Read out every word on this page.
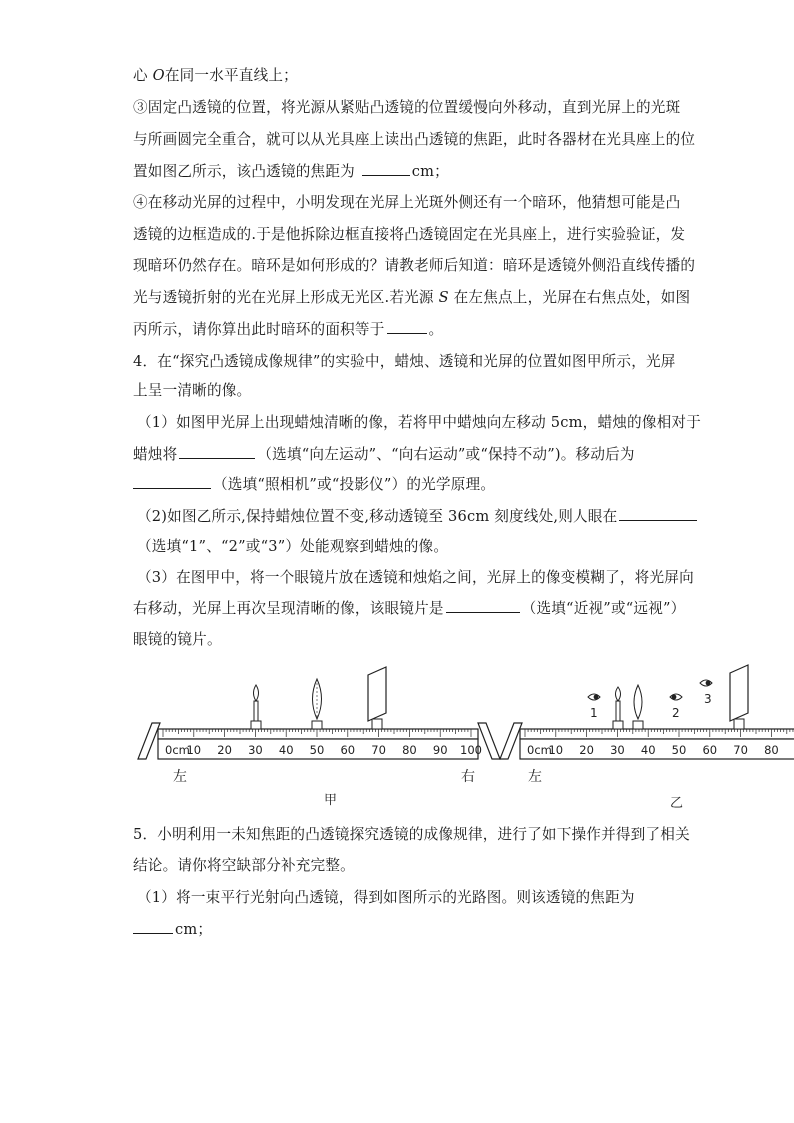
心 O在同一水平直线上；
③固定凸透镜的位置，将光源从紧贴凸透镜的位置缓慢向外移动，直到光屏上的光斑
与所画圆完全重合，就可以从光具座上读出凸透镜的焦距，此时各器材在光具座上的位
置如图乙所示，该凸透镜的焦距为	cm；
④在移动光屏的过程中，小明发现在光屏上光斑外侧还有一个暗环，他猜想可能是凸
透镜的边框造成的.于是他拆除边框直接将凸透镜固定在光具座上，进行实验验证，发
现暗环仍然存在。暗环是如何形成的？请教老师后知道：暗环是透镜外侧沿直线传播的
光与透镜折射的光在光屏上形成无光区.若光源 S 在左焦点上，光屏在右焦点处，如图
丙所示，请你算出此时暗环的面积等于	。
4．在“探究凸透镜成像规律”的实验中，蜡烛、透镜和光屏的位置如图甲所示，光屏
上呈一清晰的像。
（1）如图甲光屏上出现蜡烛清晰的像，若将甲中蜡烛向左移动 5cm，蜡烛的像相对于
蜡烛将	（选填“向左运动”、“向右运动”或“保持不动”)。移动后为
（选填“照相机”或“投影仪”）的光学原理。
（2)如图乙所示,保持蜡烛位置不变,移动透镜至 36cm 刻度线处,则人眼在
（选填“1”、“2”或“3”）处能观察到蜡烛的像。
（3）在图甲中，将一个眼镜片放在透镜和烛焰之间，光屏上的像变模糊了，将光屏向
右移动，光屏上再次呈现清晰的像，该眼镜片是	（选填“近视”或“远视”）
眼镜的镜片。
0cm
10 20 30 40 50 60 70 80 90 100
左	右
甲
0cm
10 20 30 40 50 60 70 80
1	2
3
左
乙
5．小明利用一未知焦距的凸透镜探究透镜的成像规律，进行了如下操作并得到了相关
结论。请你将空缺部分补充完整。
（1）将一束平行光射向凸透镜，得到如图所示的光路图。则该透镜的焦距为
cm；
